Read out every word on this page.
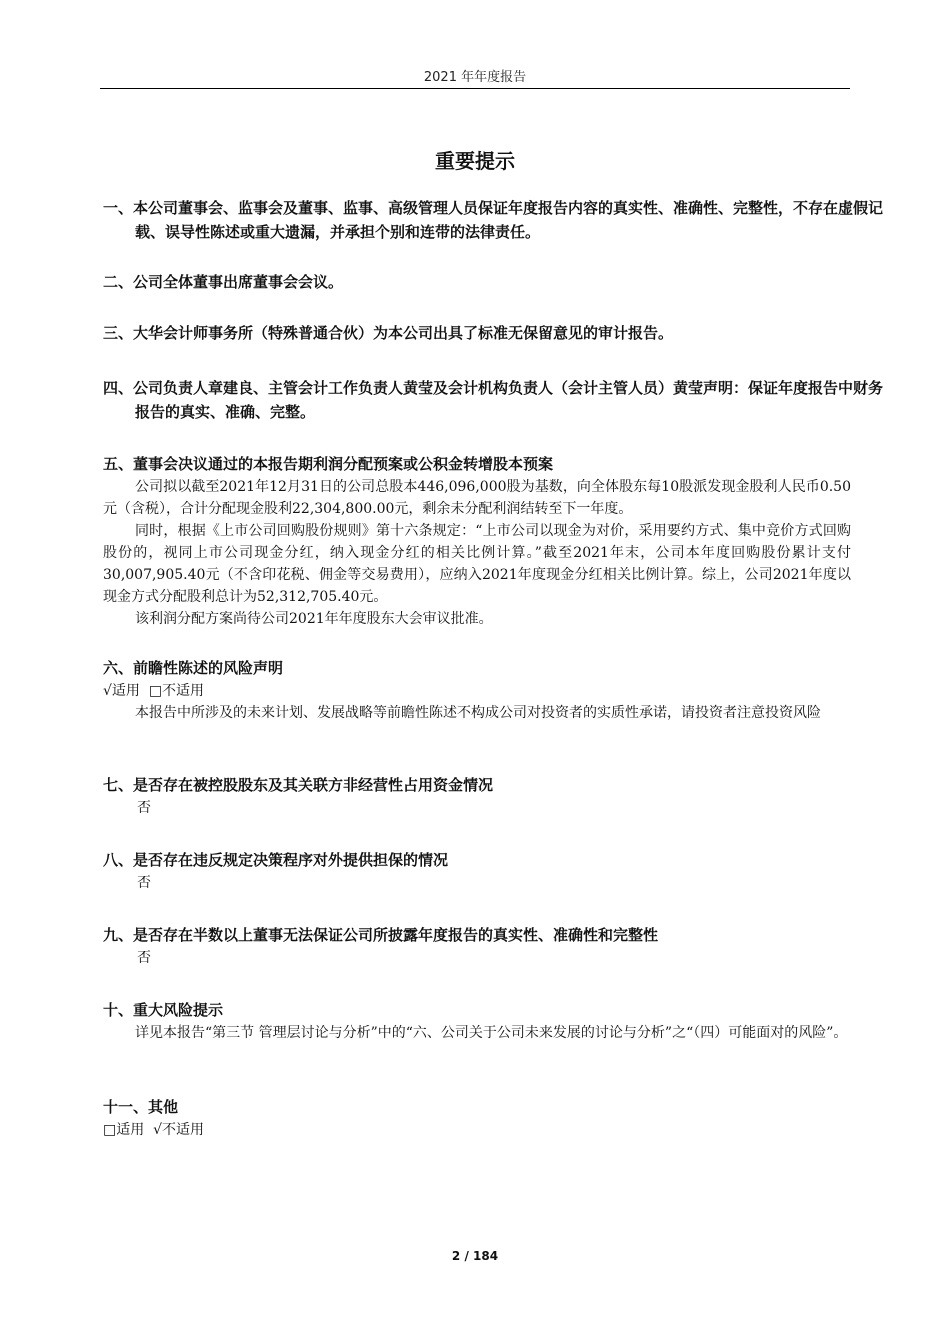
2021 年年度报告
重要提示
一、本公司董事会、监事会及董事、监事、高级管理人员保证年度报告内容的真实性、准确性、完整性，不存在虚假记载、误导性陈述或重大遗漏，并承担个别和连带的法律责任。
二、公司全体董事出席董事会会议。
三、大华会计师事务所（特殊普通合伙）为本公司出具了标准无保留意见的审计报告。
四、公司负责人章建良、主管会计工作负责人黄莹及会计机构负责人（会计主管人员）黄莹声明：保证年度报告中财务报告的真实、准确、完整。
五、董事会决议通过的本报告期利润分配预案或公积金转增股本预案
公司拟以截至2021年12月31日的公司总股本446,096,000股为基数，向全体股东每10股派发现金股利人民币0.50元（含税），合计分配现金股利22,304,800.00元，剩余未分配利润结转至下一年度。
同时，根据《上市公司回购股份规则》第十六条规定：“上市公司以现金为对价，采用要约方式、集中竞价方式回购股份的，视同上市公司现金分红，纳入现金分红的相关比例计算。”截至2021年末，公司本年度回购股份累计支付30,007,905.40元（不含印花税、佣金等交易费用），应纳入2021年度现金分红相关比例计算。综上，公司2021年度以现金方式分配股利总计为52,312,705.40元。
该利润分配方案尚待公司2021年年度股东大会审议批准。
六、前瞻性陈述的风险声明
√适用 □不适用
本报告中所涉及的未来计划、发展战略等前瞻性陈述不构成公司对投资者的实质性承诺，请投资者注意投资风险
七、是否存在被控股股东及其关联方非经营性占用资金情况
否
八、是否存在违反规定决策程序对外提供担保的情况
否
九、是否存在半数以上董事无法保证公司所披露年度报告的真实性、准确性和完整性
否
十、重大风险提示
详见本报告“第三节 管理层讨论与分析”中的“六、公司关于公司未来发展的讨论与分析”之“（四）可能面对的风险”。
十一、其他
□适用 √不适用
2 / 184
